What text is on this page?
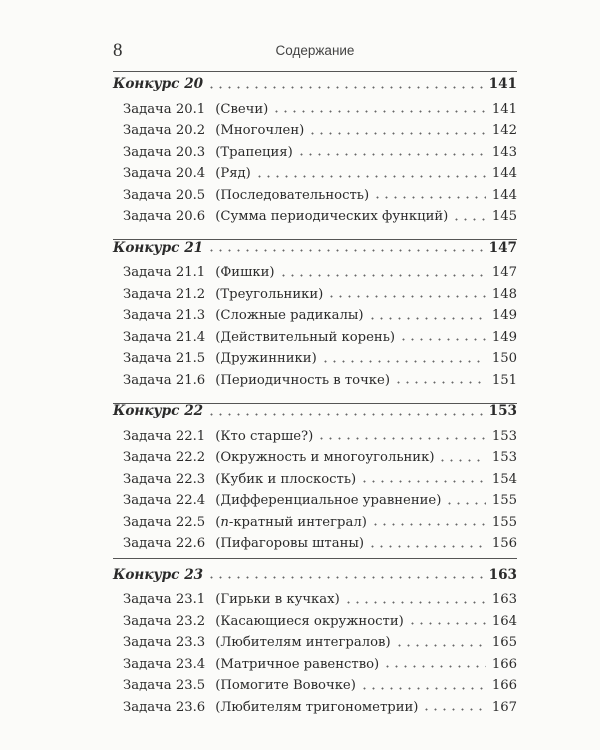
8	Содержание
Конкурс 20	141
Задача 20.1 (Свечи)	141
Задача 20.2 (Многочлен)	142
Задача 20.3 (Трапеция)	143
Задача 20.4 (Ряд)	144
Задача 20.5 (Последовательность)	144
Задача 20.6 (Сумма периодических функций)	145
Конкурс 21	147
Задача 21.1 (Фишки)	147
Задача 21.2 (Треугольники)	148
Задача 21.3 (Сложные радикалы)	149
Задача 21.4 (Действительный корень)	149
Задача 21.5 (Дружинники)	150
Задача 21.6 (Периодичность в точке)	151
Конкурс 22	153
Задача 22.1 (Кто старше?)	153
Задача 22.2 (Окружность и многоугольник)	153
Задача 22.3 (Кубик и плоскость)	154
Задача 22.4 (Дифференциальное уравнение)	155
Задача 22.5 (n-кратный интеграл)	155
Задача 22.6 (Пифагоровы штаны)	156
Конкурс 23	163
Задача 23.1 (Гирьки в кучках)	163
Задача 23.2 (Касающиеся окружности)	164
Задача 23.3 (Любителям интегралов)	165
Задача 23.4 (Матричное равенство)	166
Задача 23.5 (Помогите Вовочке)	166
Задача 23.6 (Любителям тригонометрии)	167
